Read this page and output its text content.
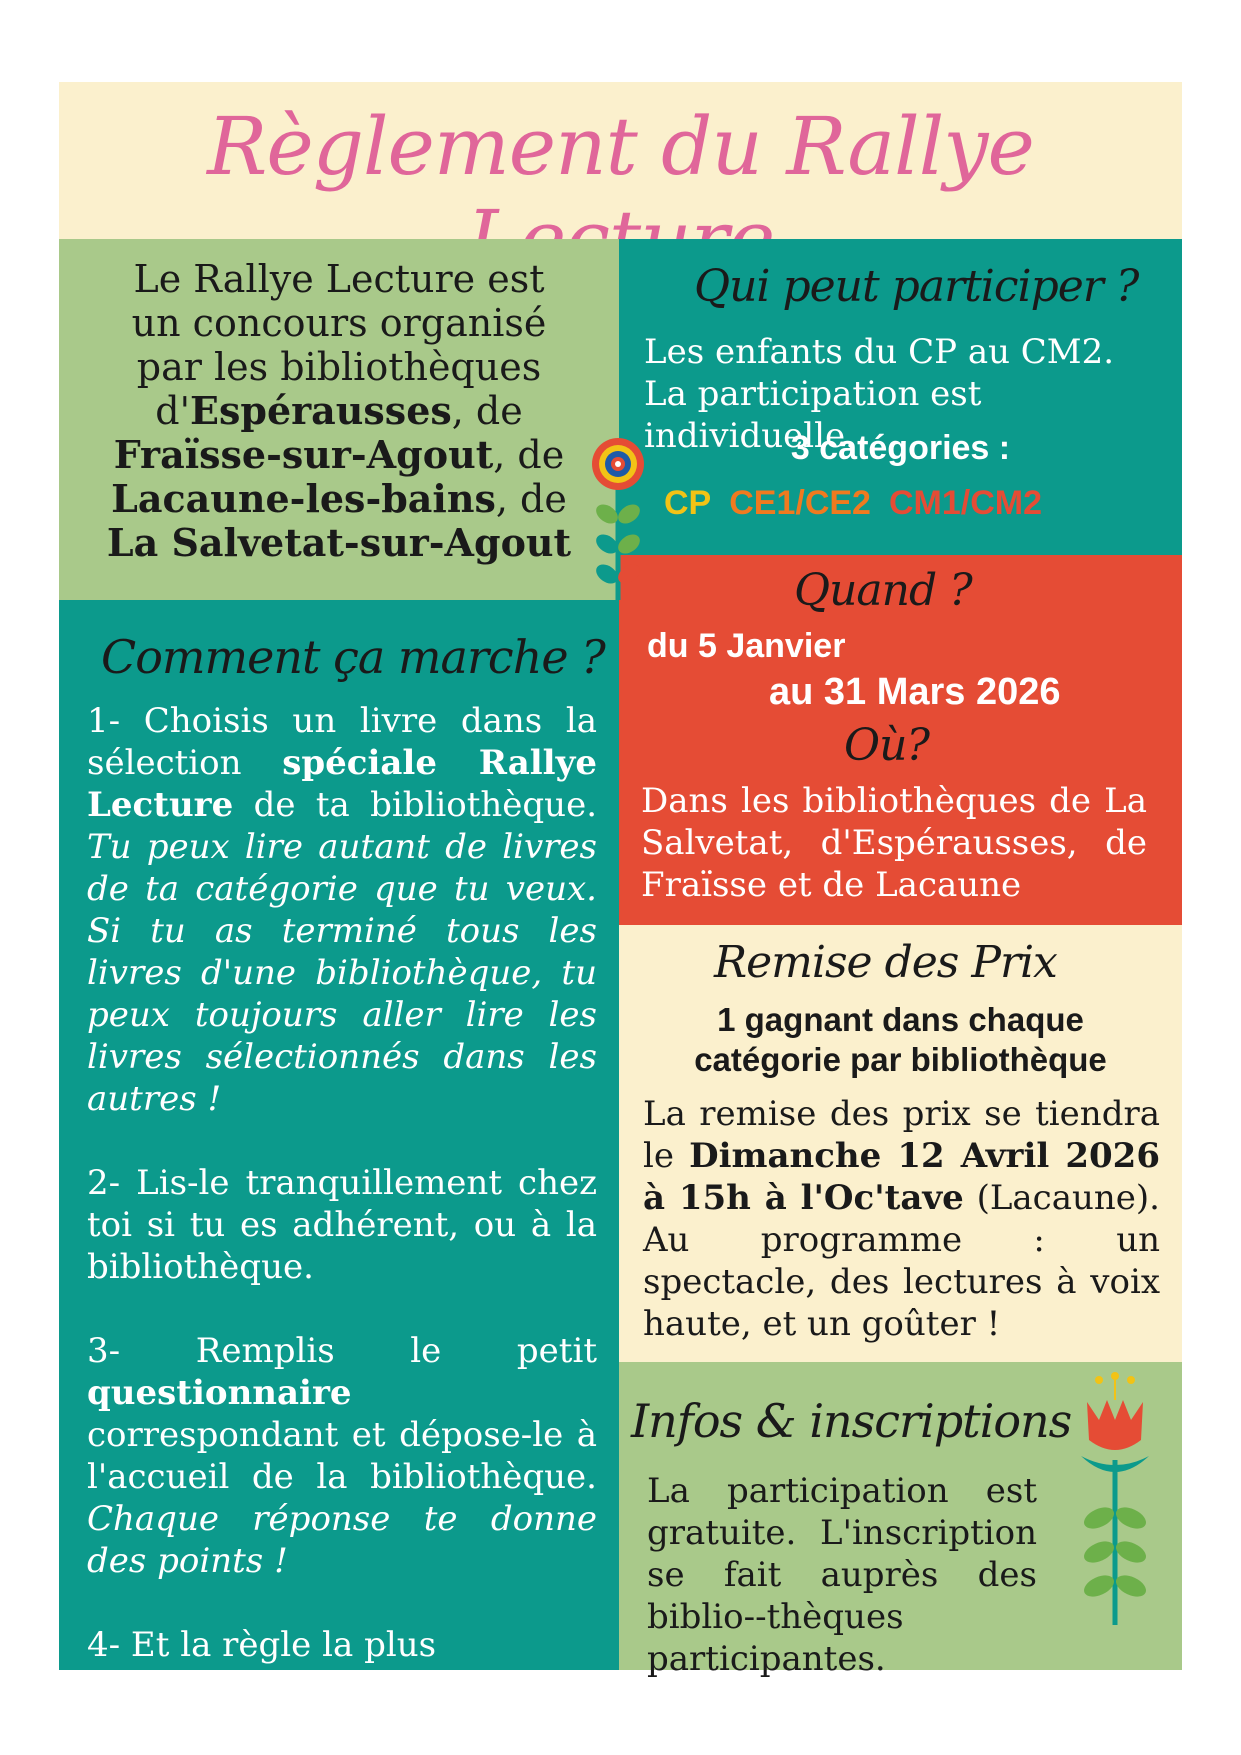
Règlement du Rallye

Le Rallye Lecture est
un concours organisé
par les bibliothèques
d'Espérausses, de
Fraïsse-sur-Agout, de
Lacaune-les-bains, de
La Salvetat-sur-Agout

Qui peut participer ?

Les enfants du CP au CM2. La participation est individuelle.

3 catégories :

CP CE1/CE2 CM1/CM2
Quand ?

du 5 Janvier

au 31 Mars 2026

Où?

Dans les bibliothèques de La Salvetat, d'Espérausses, de Fraïsse et de Lacaune

Remise des Prix

1 gagnant dans chaque
catégorie par bibliothèque

La remise des prix se tiendra le Dimanche 12 Avril 2026 à 15h à l'Oc'tave (Lacaune). Au programme : un spectacle, des lectures à voix haute, et un goûter !

Infos & inscriptions

La participation est gratuite. L'inscription se fait auprès des biblio--thèques participantes.

Comment ça marche ?

1- Choisis un livre dans la sélection spéciale Rallye Lecture de ta bibliothèque. Tu peux lire autant de livres de ta catégorie que tu veux. Si tu as terminé tous les livres d'une bibliothèque, tu peux toujours aller lire les livres sélectionnés dans les autres !

2- Lis-le tranquillement chez toi si tu es adhérent, ou à la bibliothèque.

3- Remplis le petit questionnaire correspondant et dépose-le à l'accueil de la bibliothèque. Chaque réponse te donne des points !

4- Et la règle la plus importante...
Amuse-toi !
